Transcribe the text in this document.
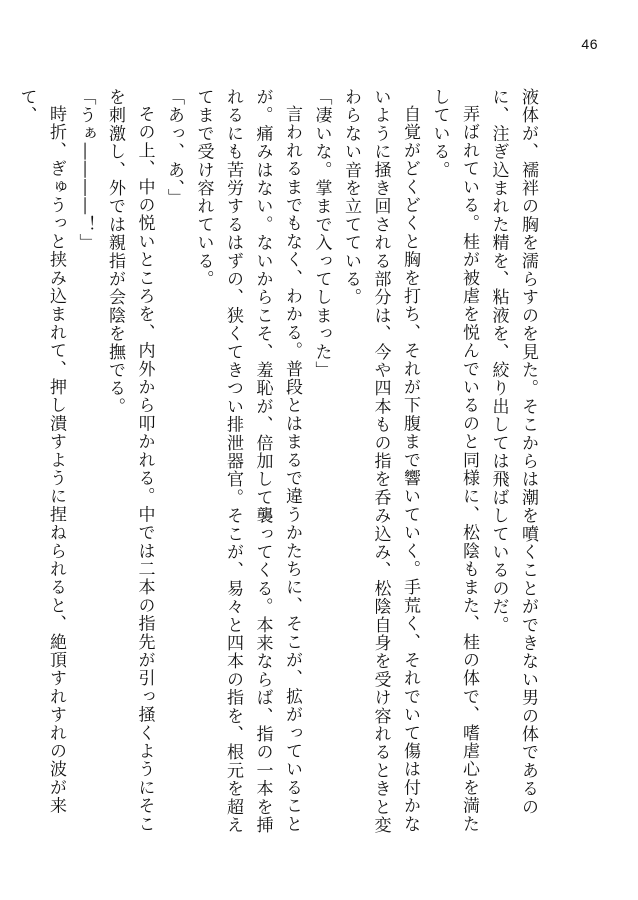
46

液体が、襦袢の胸を濡らすのを見た。そこからは潮を噴くことができない男の体であるのに、注ぎ込まれた精を、粘液を、絞り出しては飛ばしているのだ。

弄ばれている。桂が被虐を悦んでいるのと同様に、松陰もまた、桂の体で、嗜虐心を満たしている。

自覚がどくどくと胸を打ち、それが下腹まで響いていく。手荒く、それでいて傷は付かないように掻き回される部分は、今や四本もの指を呑み込み、松陰自身を受け容れるときと変わらない音を立てている。

「凄いな。掌まで入ってしまった」

言われるまでもなく、わかる。普段とはまるで違うかたちに、そこが、拡がっていることが。痛みはない。ないからこそ、羞恥が、倍加して襲ってくる。本来ならば、指の一本を挿れるにも苦労するはずの、狭くてきつい排泄器官。そこが、易々と四本の指を、根元を超えてまで受け容れている。

「あっ、あ、」

その上、中の悦いところを、内外から叩かれる。中では二本の指先が引っ掻くようにそこを刺激し、外では親指が会陰を撫でる。

「うぁ――――！」

時折、ぎゅうっと挟み込まれて、押し潰すように捏ねられると、絶頂すれすれの波が来て、
